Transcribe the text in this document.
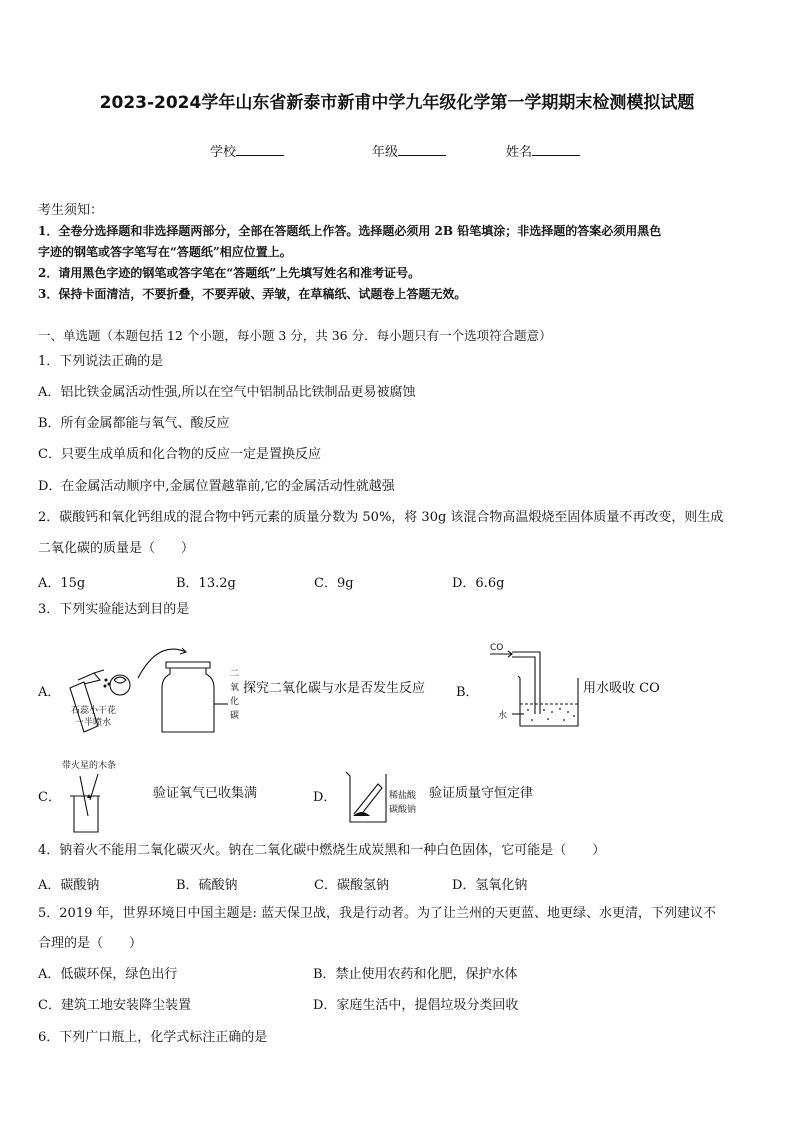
2023-2024学年山东省新泰市新甫中学九年级化学第一学期期末检测模拟试题
学校	年级	姓名
考生须知：
1．全卷分选择题和非选择题两部分，全部在答题纸上作答。选择题必须用 2B 铅笔填涂；非选择题的答案必须用黑色
字迹的钢笔或答字笔写在“答题纸”相应位置上。
2．请用黑色字迹的钢笔或答字笔在“答题纸”上先填写姓名和准考证号。
3．保持卡面清洁，不要折叠，不要弄破、弄皱，在草稿纸、试题卷上答题无效。
一、单选题（本题包括 12 个小题，每小题 3 分，共 36 分．每小题只有一个选项符合题意）
1．下列说法正确的是
A．铝比铁金属活动性强,所以在空气中铝制品比铁制品更易被腐蚀
B．所有金属都能与氧气、酸反应
C．只要生成单质和化合物的反应一定是置换反应
D．在金属活动顺序中,金属位置越靠前,它的金属活动性就越强
2．碳酸钙和氧化钙组成的混合物中钙元素的质量分数为 50%，将 30g 该混合物高温煅烧至固体质量不再改变，则生成
二氧化碳的质量是（　　）
A．15g	B．13.2g	C．9g	D．6.6g
3．下列实验能达到目的是
A．
石蕊小干花
一半喷水
二
氧
化
碳
探究二氧化碳与水是否发生反应 B．
CO
水
用水吸收 CO
C．
带火星的木条
验证氧气已收集满	D．	稀盐酸
碳酸钠
验证质量守恒定律
4．钠着火不能用二氧化碳灭火。钠在二氧化碳中燃烧生成炭黑和一种白色固体，它可能是（　　）
A．碳酸钠	B．硫酸钠	C．碳酸氢钠	D．氢氧化钠
5．2019 年，世界环境日中国主题是: 蓝天保卫战，我是行动者。为了让兰州的天更蓝、地更绿、水更清，下列建议不
合理的是（　　）
A．低碳环保，绿色出行	B．禁止使用农药和化肥，保护水体
C．建筑工地安装降尘装置	D．家庭生活中，提倡垃圾分类回收
6．下列广口瓶上，化学式标注正确的是
